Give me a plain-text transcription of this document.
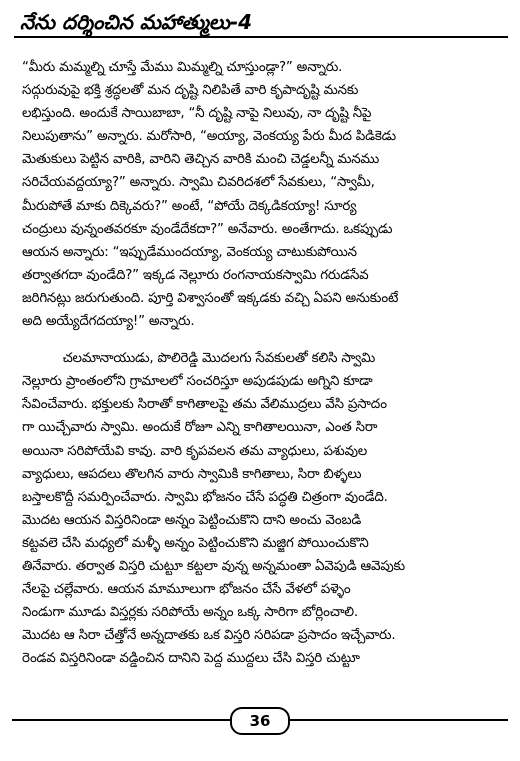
నేను దర్శించిన మహాత్ములు-4
“మీరు మమ్మల్ని చూస్తే మేము మిమ్మల్ని చూస్తుండ్లా?” అన్నారు.
సద్గురువుపై భక్తి శ్రద్ధలతో మన దృష్టి నిలిపితే వారి కృపాదృష్టి మనకు
లభిస్తుంది. అందుకే సాయిబాబా, “నీ దృష్టి నాపై నిలువు, నా దృష్టి నీపై
నిలుపుతాను” అన్నారు. మరోసారి, “అయ్యా, వెంకయ్య పేరు మీద పిడికెడు
మెతుకులు పెట్టిన వారికి, వారిని తెచ్చిన వారికి మంచి చెడ్డలన్నీ మనము
సరిచేయవద్దయ్యా?” అన్నారు. స్వామి చివరిదశలో సేవకులు, “స్వామీ,
మీరుపోతే మాకు దిక్కెవరు?” అంటే, “పోయే దెక్కడికయ్యా! సూర్య
చంద్రులు వున్నంతవరకూ వుండేదేకదా?” అనేవారు. అంతేగాదు. ఒకప్పుడు
ఆయన అన్నారు: “ఇప్పుడేముందయ్యా, వెంకయ్య చాటుకుపోయిన
తర్వాతగదా వుండేది?” ఇక్కడ నెల్లూరు రంగనాయకస్వామి గరుడసేవ
జరిగినట్లు జరుగుతుంది. పూర్తి విశ్వాసంతో ఇక్కడకు వచ్చి ఏపని అనుకుంటే
అది అయ్యేదేగదయ్యా!” అన్నారు.
చలమానాయుడు, పొలిరెడ్డి మొదలగు సేవకులతో కలిసి స్వామి
నెల్లూరు ప్రాంతంలోని గ్రామాలలో సంచరిస్తూ అపుడపుడు అగ్నిని కూడా
సేవించేవారు. భక్తులకు సిరాతో కాగితాలపై తమ వేలిముద్రలు వేసి ప్రసాదం
గా యిచ్చేవారు స్వామి. అందుకే రోజూ ఎన్ని కాగితాలయినా, ఎంత సిరా
అయినా సరిపోయేవి కావు. వారి కృపవలన తమ వ్యాధులు, పశువుల
వ్యాధులు, ఆపదలు తొలగిన వారు స్వామికి కాగితాలు, సిరా బిళ్ళలు
బస్తాలకొద్దీ సమర్పించేవారు. స్వామి భోజనం చేసే పద్ధతి చిత్రంగా వుండేది.
మొదట ఆయన విస్తరినిండా అన్నం పెట్టించుకొని దాని అంచు వెంబడి
కట్టవలె చేసి మధ్యలో మళ్ళీ అన్నం పెట్టించుకొని మజ్జిగ పోయించుకొని
తినేవారు. తర్వాత విస్తరి చుట్టూ కట్టలా వున్న అన్నమంతా ఏవెపుడి ఆవెపుకు
నేలపై చల్లేవారు. ఆయన మామూలుగా భోజనం చేసే వేళలో పళ్ళెం
నిండుగా మూడు విస్తర్లకు సరిపోయే అన్నం ఒక్క సారిగా బోర్లించాలి.
మొదట ఆ సిరా చేత్తోనే అన్నదాతకు ఒక విస్తరి సరిపడా ప్రసాదం ఇచ్చేవారు.
రెండవ విస్తరినిండా వడ్డించిన దానిని పెద్ద ముద్దలు చేసి విస్తరి చుట్టూ
36
